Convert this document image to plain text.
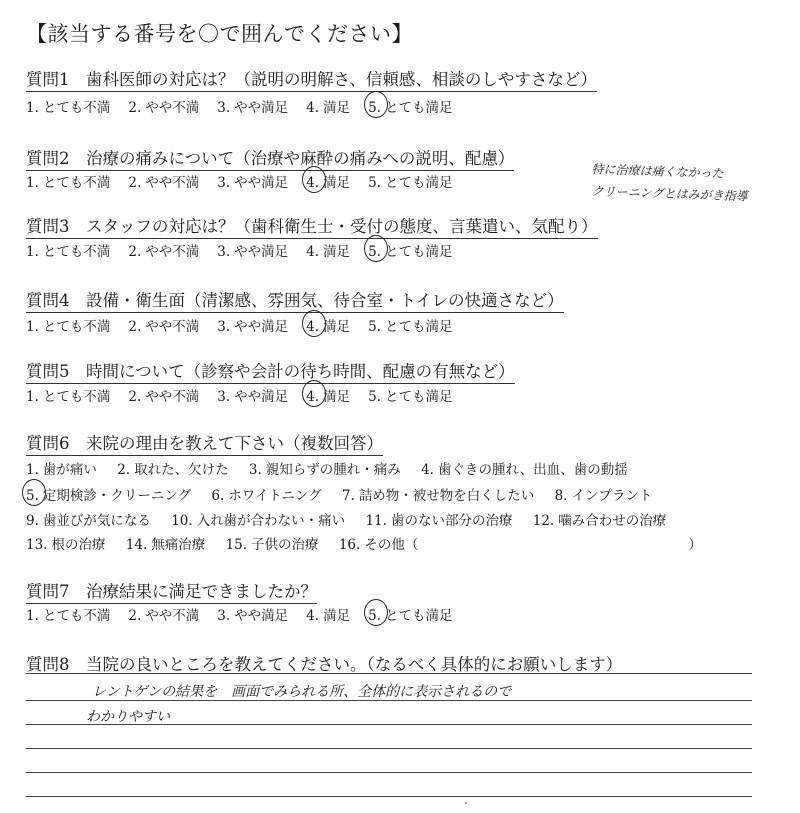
【該当する番号を〇で囲んでください】
質問1　歯科医師の対応は？（説明の明解さ、信頼感、相談のしやすさなど）
1. とても不満 2. やや不満 3. やや満足 4. 満足 5. とても満足
質問2　治療の痛みについて（治療や麻酔の痛みへの説明、配慮）
1. とても不満 2. やや不満 3. やや満足 4. 満足 5. とても満足
特に治療は痛くなかった
クリーニングとはみがき指導
質問3　スタッフの対応は？（歯科衛生士・受付の態度、言葉遣い、気配り）
1. とても不満 2. やや不満 3. やや満足 4. 満足 5. とても満足
質問4　設備・衛生面（清潔感、雰囲気、待合室・トイレの快適さなど）
1. とても不満 2. やや不満 3. やや満足 4. 満足 5. とても満足
質問5　時間について（診察や会計の待ち時間、配慮の有無など）
1. とても不満 2. やや不満 3. やや満足 4. 満足 5. とても満足
質問6　来院の理由を教えて下さい（複数回答）
1. 歯が痛い 2. 取れた、欠けた 3. 親知らずの腫れ・痛み 4. 歯ぐきの腫れ、出血、歯の動揺
5. 定期検診・クリーニング 6. ホワイトニング 7. 詰め物・被せ物を白くしたい 8. インプラント
9. 歯並びが気になる 10. 入れ歯が合わない・痛い 11. 歯のない部分の治療 12. 噛み合わせの治療
13. 根の治療 14. 無痛治療 15. 子供の治療 16. その他（	）
質問7　治療結果に満足できましたか？
1. とても不満 2. やや不満 3. やや満足 4. 満足 5. とても満足
質問8　当院の良いところを教えてください。（なるべく具体的にお願いします）
レントゲンの結果を　画面でみられる所、全体的に表示されるので
わかりやすい
